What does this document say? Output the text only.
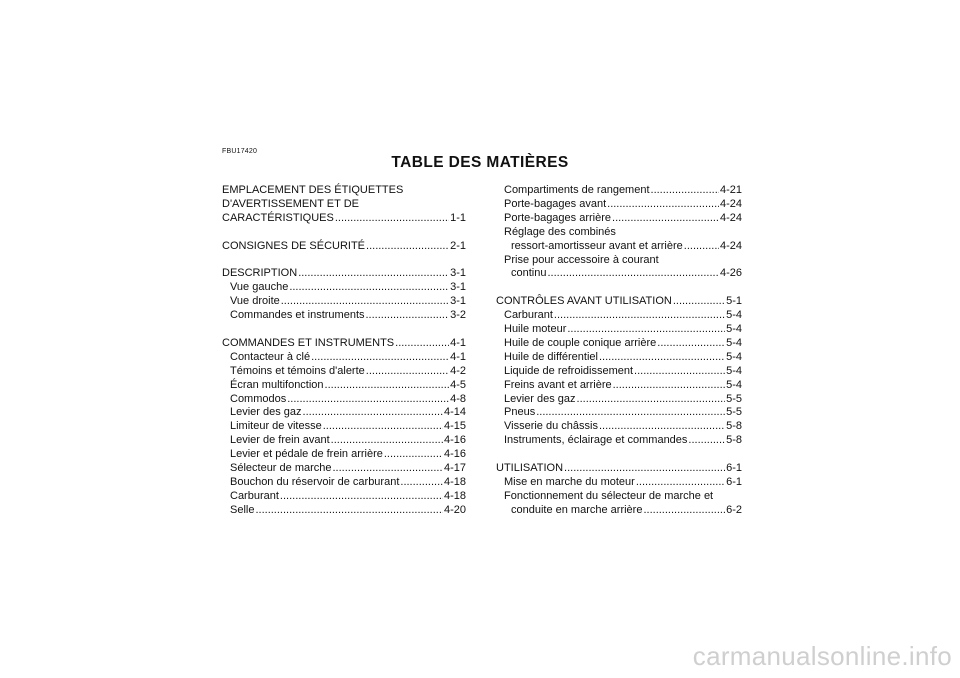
FBU17420
TABLE DES MATIÈRES
EMPLACEMENT DES ÉTIQUETTES
D'AVERTISSEMENT ET DE
CARACTÉRISTIQUES .....	1-1
CONSIGNES DE SÉCURITÉ .....	2-1
DESCRIPTION .....	3-1
Vue gauche .....	3-1
Vue droite .....	3-1
Commandes et instruments .....	3-2
COMMANDES ET INSTRUMENTS .....	4-1
Contacteur à clé .....	4-1
Témoins et témoins d'alerte .....	4-2
Écran multifonction .....	4-5
Commodos .....	4-8
Levier des gaz .....	4-14
Limiteur de vitesse .....	4-15
Levier de frein avant .....	4-16
Levier et pédale de frein arrière .....	4-16
Sélecteur de marche .....	4-17
Bouchon du réservoir de carburant .....	4-18
Carburant .....	4-18
Selle .....	4-20
Compartiments de rangement .....	4-21
Porte-bagages avant .....	4-24
Porte-bagages arrière .....	4-24
Réglage des combinés
ressort-amortisseur avant et arrière .....	4-24
Prise pour accessoire à courant
continu .....	4-26
CONTRÔLES AVANT UTILISATION .....	5-1
Carburant .....	5-4
Huile moteur .....	5-4
Huile de couple conique arrière .....	5-4
Huile de différentiel .....	5-4
Liquide de refroidissement .....	5-4
Freins avant et arrière .....	5-4
Levier des gaz .....	5-5
Pneus .....	5-5
Visserie du châssis .....	5-8
Instruments, éclairage et commandes .....	5-8
UTILISATION .....	6-1
Mise en marche du moteur .....	6-1
Fonctionnement du sélecteur de marche et
conduite en marche arrière .....	6-2
carmanualsonline.info
